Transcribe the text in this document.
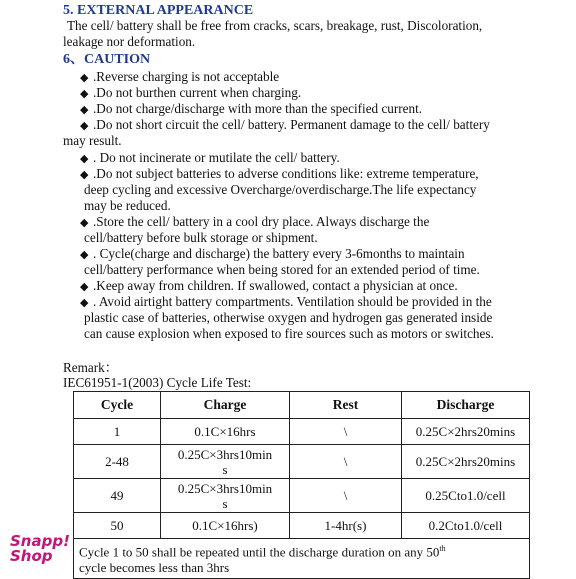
5. EXTERNAL APPEARANCE
The cell/ battery shall be free from cracks, scars, breakage, rust, Discoloration,
leakage nor deformation.
6、CAUTION
◆ .Reverse charging is not acceptable
◆ .Do not burthen current when charging.
◆ .Do not charge/discharge with more than the specified current.
◆ .Do not short circuit the cell/ battery. Permanent damage to the cell/ battery
may result.
◆ . Do not incinerate or mutilate the cell/ battery.
◆ .Do not subject batteries to adverse conditions like: extreme temperature,
deep cycling and excessive Overcharge/overdischarge.The life expectancy
may be reduced.
◆ .Store the cell/ battery in a cool dry place. Always discharge the
cell/battery before bulk storage or shipment.
◆ . Cycle(charge and discharge) the battery every 3-6months to maintain
cell/battery performance when being stored for an extended period of time.
◆ .Keep away from children. If swallowed, contact a physician at once.
◆ . Avoid airtight battery compartments. Ventilation should be provided in the
plastic case of batteries, otherwise oxygen and hydrogen gas generated inside
can cause explosion when exposed to fire sources such as motors or switches.
Remark：
IEC61951-1(2003) Cycle Life Test:
Cycle	Charge	Rest	Discharge
1	0.1C×16hrs	\	0.25C×2hrs20mins
2-48	0.25C×3hrs10min
s	\	0.25C×2hrs20mins
49	0.25C×3hrs10min
s	\	0.25Cto1.0/cell
50	0.1C×16hrs)	1-4hr(s)	0.2Cto1.0/cell
Cycle 1 to 50 shall be repeated until the discharge duration on any 50th
cycle becomes less than 3hrs			
Snapp!
Shop
